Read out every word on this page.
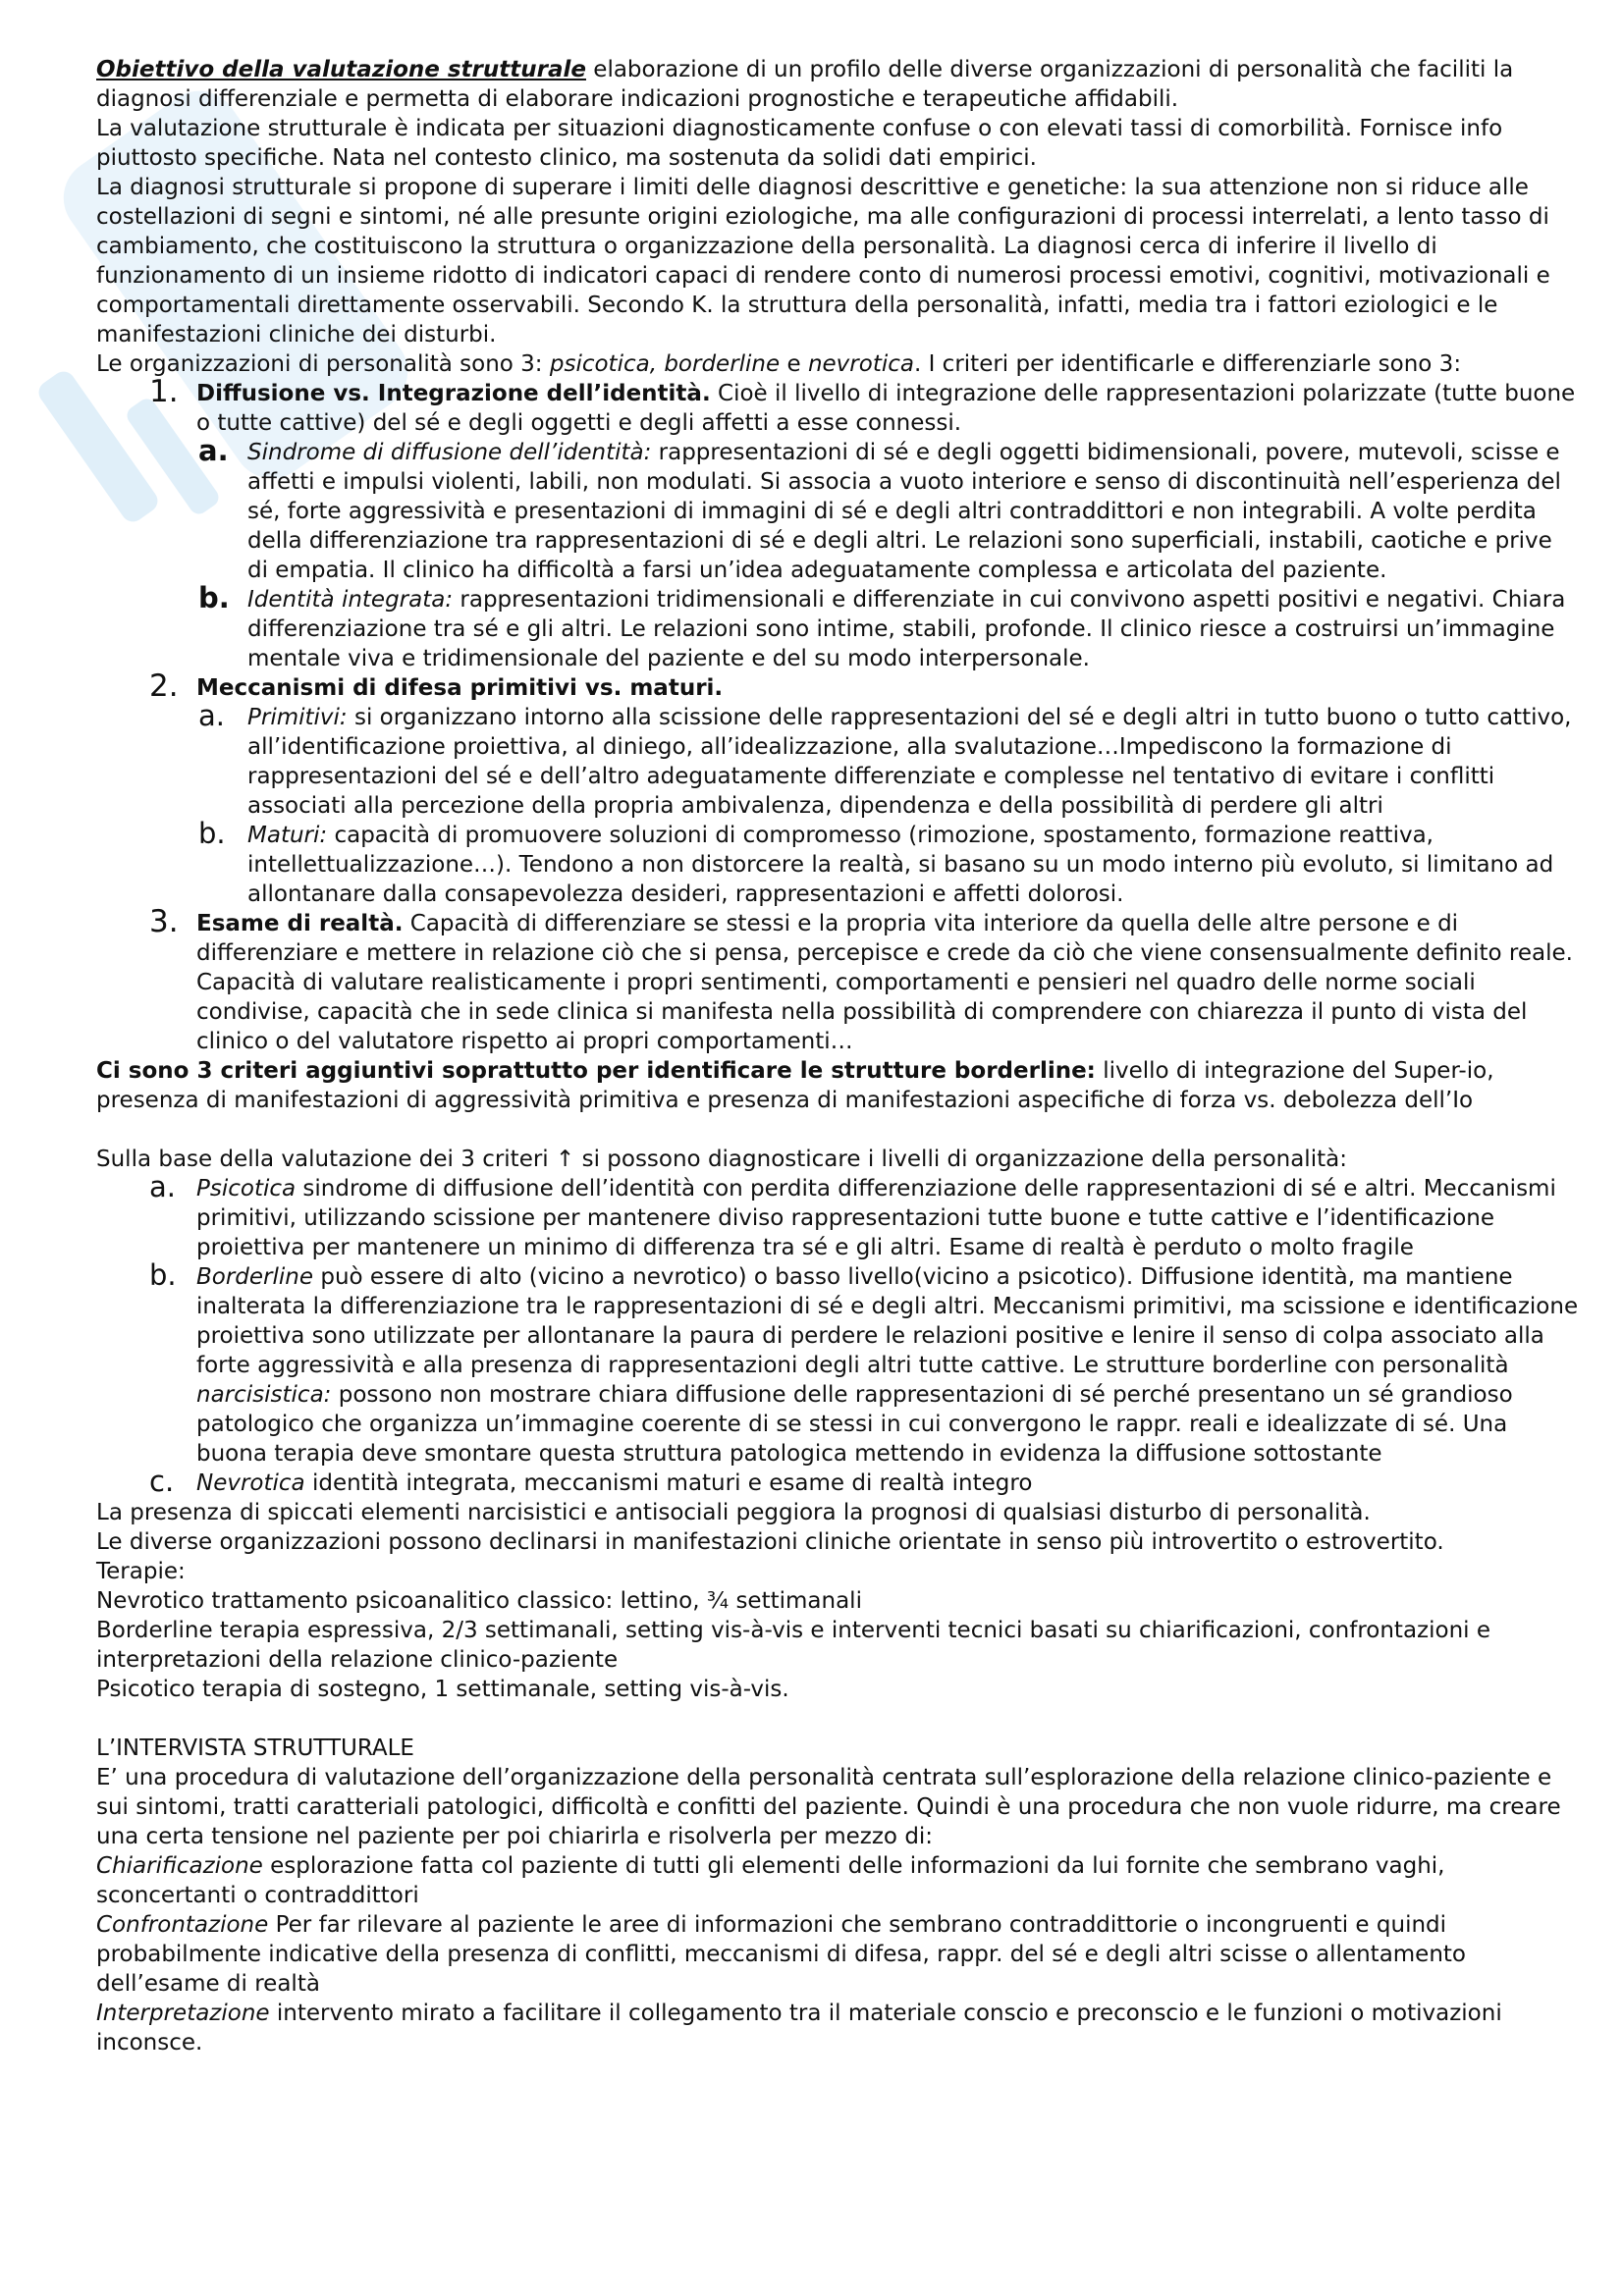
Obiettivo della valutazione strutturale elaborazione di un profilo delle diverse organizzazioni di personalità che faciliti la diagnosi differenziale e permetta di elaborare indicazioni prognostiche e terapeutiche affidabili.

La valutazione strutturale è indicata per situazioni diagnosticamente confuse o con elevati tassi di comorbilità. Fornisce info piuttosto specifiche. Nata nel contesto clinico, ma sostenuta da solidi dati empirici.

La diagnosi strutturale si propone di superare i limiti delle diagnosi descrittive e genetiche: la sua attenzione non si riduce alle costellazioni di segni e sintomi, né alle presunte origini eziologiche, ma alle configurazioni di processi interrelati, a lento tasso di cambiamento, che costituiscono la struttura o organizzazione della personalità. La diagnosi cerca di inferire il livello di funzionamento di un insieme ridotto di indicatori capaci di rendere conto di numerosi processi emotivi, cognitivi, motivazionali e comportamentali direttamente osservabili. Secondo K. la struttura della personalità, infatti, media tra i fattori eziologici e le manifestazioni cliniche dei disturbi.

Le organizzazioni di personalità sono 3: psicotica, borderline e nevrotica. I criteri per identificarle e differenziarle sono 3:

1. Diffusione vs. Integrazione dell’identità. Cioè il livello di integrazione delle rappresentazioni polarizzate (tutte buone o tutte cattive) del sé e degli oggetti e degli affetti a esse connessi.
a. Sindrome di diffusione dell’identità: rappresentazioni di sé e degli oggetti bidimensionali, povere, mutevoli, scisse e affetti e impulsi violenti, labili, non modulati. Si associa a vuoto interiore e senso di discontinuità nell’esperienza del sé, forte aggressività e presentazioni di immagini di sé e degli altri contraddittori e non integrabili. A volte perdita della differenziazione tra rappresentazioni di sé e degli altri. Le relazioni sono superficiali, instabili, caotiche e prive di empatia. Il clinico ha difficoltà a farsi un’idea adeguatamente complessa e articolata del paziente.
b. Identità integrata: rappresentazioni tridimensionali e differenziate in cui convivono aspetti positivi e negativi. Chiara differenziazione tra sé e gli altri. Le relazioni sono intime, stabili, profonde. Il clinico riesce a costruirsi un’immagine mentale viva e tridimensionale del paziente e del su modo interpersonale.
2. Meccanismi di difesa primitivi vs. maturi.
a. Primitivi: si organizzano intorno alla scissione delle rappresentazioni del sé e degli altri in tutto buono o tutto cattivo, all’identificazione proiettiva, al diniego, all’idealizzazione, alla svalutazione…Impediscono la formazione di rappresentazioni del sé e dell’altro adeguatamente differenziate e complesse nel tentativo di evitare i conflitti associati alla percezione della propria ambivalenza, dipendenza e della possibilità di perdere gli altri
b. Maturi: capacità di promuovere soluzioni di compromesso (rimozione, spostamento, formazione reattiva, intellettualizzazione…). Tendono a non distorcere la realtà, si basano su un modo interno più evoluto, si limitano ad allontanare dalla consapevolezza desideri, rappresentazioni e affetti dolorosi.
3. Esame di realtà. Capacità di differenziare se stessi e la propria vita interiore da quella delle altre persone e di differenziare e mettere in relazione ciò che si pensa, percepisce e crede da ciò che viene consensualmente definito reale. Capacità di valutare realisticamente i propri sentimenti, comportamenti e pensieri nel quadro delle norme sociali condivise, capacità che in sede clinica si manifesta nella possibilità di comprendere con chiarezza il punto di vista del clinico o del valutatore rispetto ai propri comportamenti…

Ci sono 3 criteri aggiuntivi soprattutto per identificare le strutture borderline: livello di integrazione del Super-io, presenza di manifestazioni di aggressività primitiva e presenza di manifestazioni aspecifiche di forza vs. debolezza dell’Io

Sulla base della valutazione dei 3 criteri ↑ si possono diagnosticare i livelli di organizzazione della personalità:

a. Psicotica sindrome di diffusione dell’identità con perdita differenziazione delle rappresentazioni di sé e altri. Meccanismi primitivi, utilizzando scissione per mantenere diviso rappresentazioni tutte buone e tutte cattive e l’identificazione proiettiva per mantenere un minimo di differenza tra sé e gli altri. Esame di realtà è perduto o molto fragile
b. Borderline può essere di alto (vicino a nevrotico) o basso livello(vicino a psicotico). Diffusione identità, ma mantiene inalterata la differenziazione tra le rappresentazioni di sé e degli altri. Meccanismi primitivi, ma scissione e identificazione proiettiva sono utilizzate per allontanare la paura di perdere le relazioni positive e lenire il senso di colpa associato alla forte aggressività e alla presenza di rappresentazioni degli altri tutte cattive. Le strutture borderline con personalità narcisistica: possono non mostrare chiara diffusione delle rappresentazioni di sé perché presentano un sé grandioso patologico che organizza un’immagine coerente di se stessi in cui convergono le rappr. reali e idealizzate di sé. Una buona terapia deve smontare questa struttura patologica mettendo in evidenza la diffusione sottostante
c. Nevrotica identità integrata, meccanismi maturi e esame di realtà integro

La presenza di spiccati elementi narcisistici e antisociali peggiora la prognosi di qualsiasi disturbo di personalità.

Le diverse organizzazioni possono declinarsi in manifestazioni cliniche orientate in senso più introvertito o estrovertito.

Terapie:

Nevrotico trattamento psicoanalitico classico: lettino, ¾ settimanali

Borderline terapia espressiva, 2/3 settimanali, setting vis-à-vis e interventi tecnici basati su chiarificazioni, confrontazioni e interpretazioni della relazione clinico-paziente

Psicotico terapia di sostegno, 1 settimanale, setting vis-à-vis.

L’INTERVISTA STRUTTURALE

E’ una procedura di valutazione dell’organizzazione della personalità centrata sull’esplorazione della relazione clinico-paziente e sui sintomi, tratti caratteriali patologici, difficoltà e confitti del paziente. Quindi è una procedura che non vuole ridurre, ma creare una certa tensione nel paziente per poi chiarirla e risolverla per mezzo di:

Chiarificazione esplorazione fatta col paziente di tutti gli elementi delle informazioni da lui fornite che sembrano vaghi, sconcertanti o contraddittori

Confrontazione Per far rilevare al paziente le aree di informazioni che sembrano contraddittorie o incongruenti e quindi probabilmente indicative della presenza di conflitti, meccanismi di difesa, rappr. del sé e degli altri scisse o allentamento dell’esame di realtà

Interpretazione intervento mirato a facilitare il collegamento tra il materiale conscio e preconscio e le funzioni o motivazioni inconsce.
